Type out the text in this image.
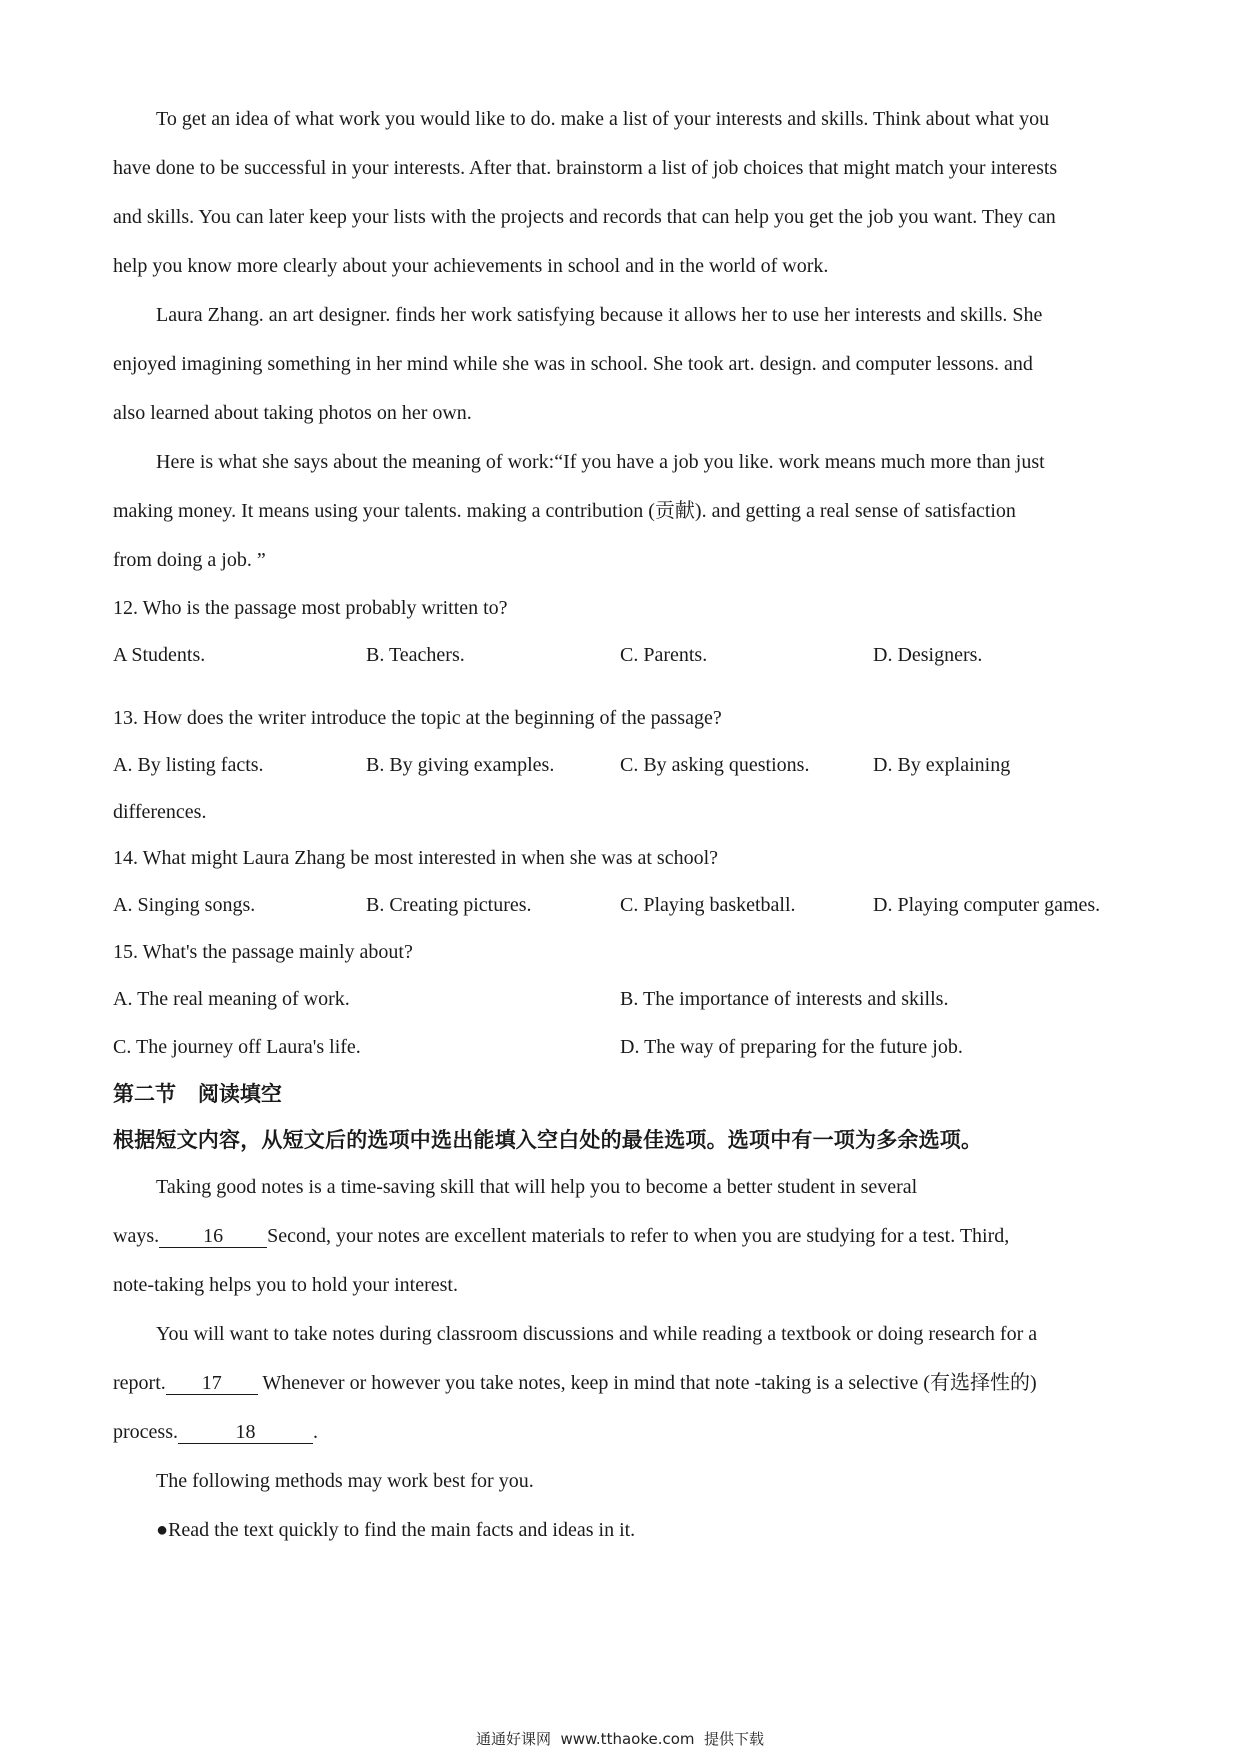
To get an idea of what work you would like to do. make a list of your interests and skills. Think about what you
have done to be successful in your interests. After that. brainstorm a list of job choices that might match your interests
and skills. You can later keep your lists with the projects and records that can help you get the job you want. They can
help you know more clearly about your achievements in school and in the world of work.
Laura Zhang. an art designer. finds her work satisfying because it allows her to use her interests and skills. She
enjoyed imagining something in her mind while she was in school. She took art. design. and computer lessons. and
also learned about taking photos on her own.
Here is what she says about the meaning of work:“If you have a job you like. work means much more than just
making money. It means using your talents. making a contribution (贡献). and getting a real sense of satisfaction
from doing a job. ”
12. Who is the passage most probably written to?
A Students.	B. Teachers.	C. Parents.	D. Designers.
13. How does the writer introduce the topic at the beginning of the passage?
A. By listing facts.	B. By giving examples.	C. By asking questions.	D. By explaining
differences.
14. What might Laura Zhang be most interested in when she was at school?
A. Singing songs.	B. Creating pictures.	C. Playing basketball.	D. Playing computer games.
15. What's the passage mainly about?
A. The real meaning of work.	B. The importance of interests and skills.
C. The journey off Laura's life.	D. The way of preparing for the future job.
第二节   阅读填空
根据短文内容，从短文后的选项中选出能填入空白处的最佳选项。选项中有一项为多余选项。
Taking good notes is a time-saving skill that will help you to become a better student in several
ways. 16 Second, your notes are excellent materials to refer to when you are studying for a test. Third,
note-taking helps you to hold your interest.
You will want to take notes during classroom discussions and while reading a textbook or doing research for a
report. 17 Whenever or however you take notes, keep in mind that note -taking is a selective (有选择性的)
process.	18	.
The following methods may work best for you.
●Read the text quickly to find the main facts and ideas in it.
通通好课网  www.tthaoke.com  提供下载
